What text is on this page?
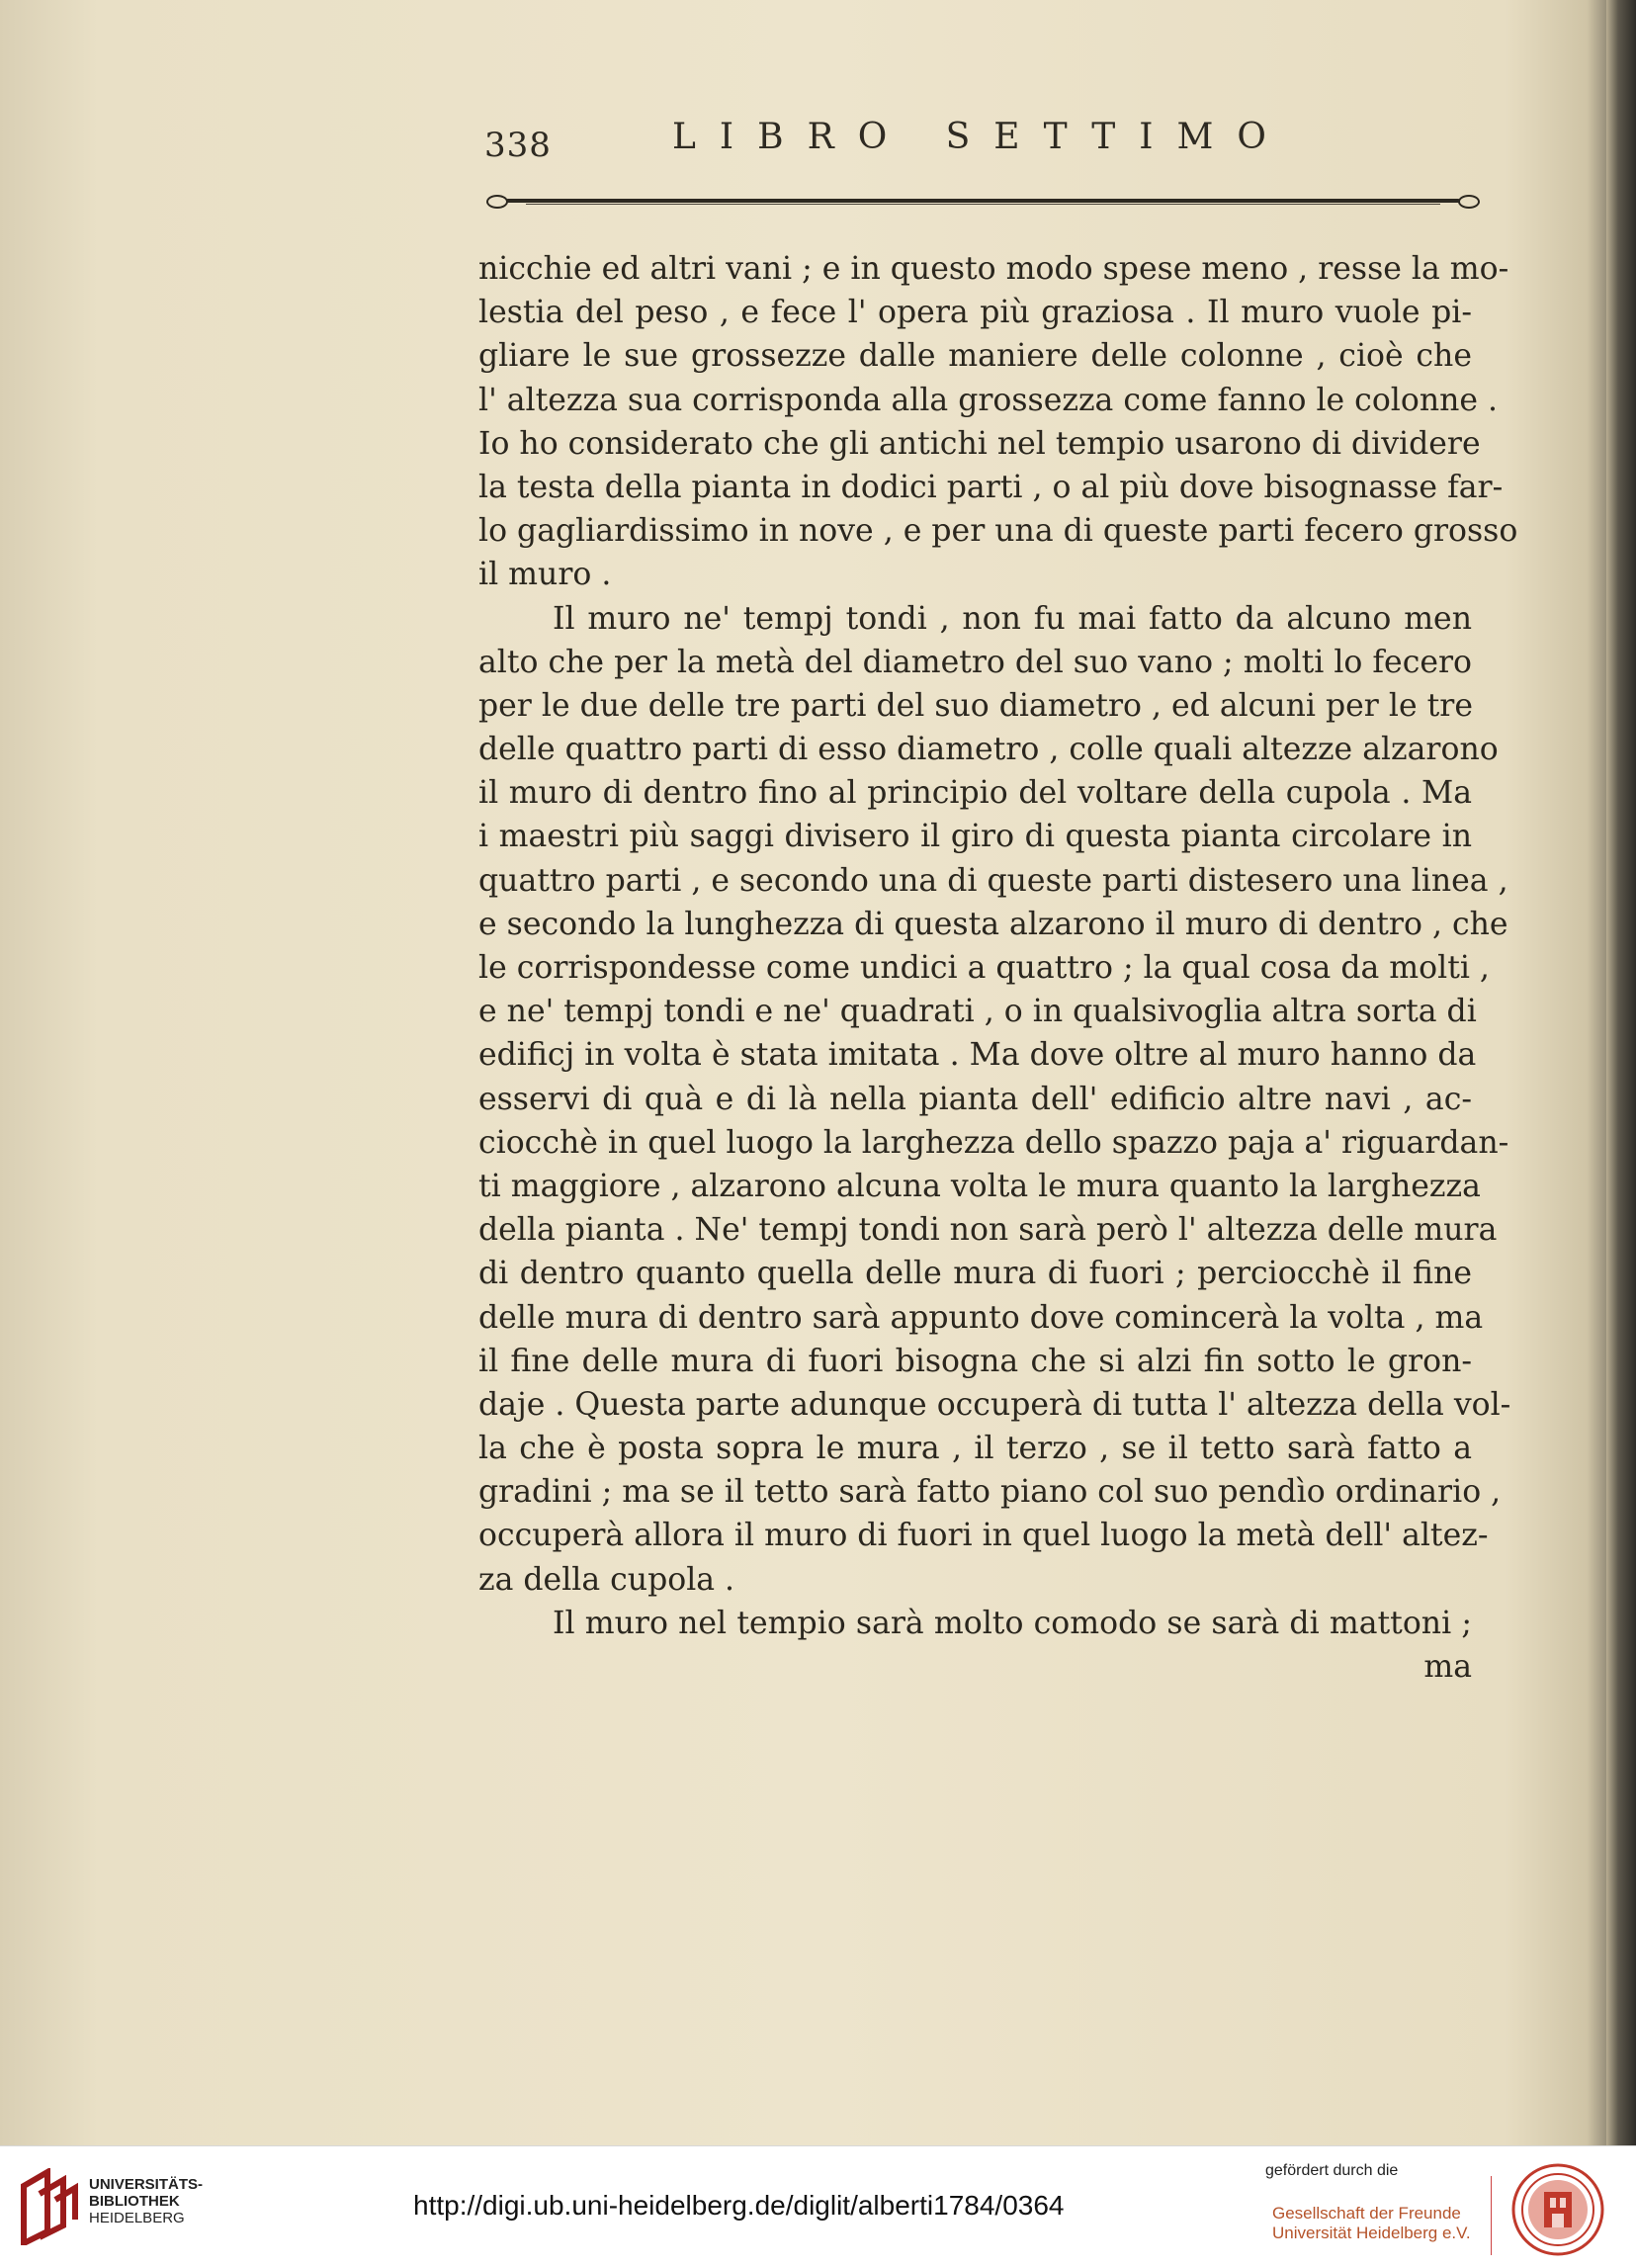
338	LIBRO SETTIMO
nicchie ed altri vani ; e in questo modo spese meno , resse la mo-
lestia del peso , e fece l' opera più graziosa . Il muro vuole pi-
gliare le sue grossezze dalle maniere delle colonne , cioè che
l' altezza sua corrisponda alla grossezza come fanno le colonne .
Io ho considerato che gli antichi nel tempio usarono di dividere
la testa della pianta in dodici parti , o al più dove bisognasse far-
lo gagliardissimo in nove , e per una di queste parti fecero grosso
il muro .
Il muro ne' tempj tondi , non fu mai fatto da alcuno men
alto che per la metà del diametro del suo vano ; molti lo fecero
per le due delle tre parti del suo diametro , ed alcuni per le tre
delle quattro parti di esso diametro , colle quali altezze alzarono
il muro di dentro fino al principio del voltare della cupola . Ma
i maestri più saggi divisero il giro di questa pianta circolare in
quattro parti , e secondo una di queste parti distesero una linea ,
e secondo la lunghezza di questa alzarono il muro di dentro , che
le corrispondesse come undici a quattro ; la qual cosa da molti ,
e ne' tempj tondi e ne' quadrati , o in qualsivoglia altra sorta di
edificj in volta è stata imitata . Ma dove oltre al muro hanno da
esservi di quà e di là nella pianta dell' edificio altre navi , ac-
ciocchè in quel luogo la larghezza dello spazzo paja a' riguardan-
ti maggiore , alzarono alcuna volta le mura quanto la larghezza
della pianta . Ne' tempj tondi non sarà però l' altezza delle mura
di dentro quanto quella delle mura di fuori ; perciocchè il fine
delle mura di dentro sarà appunto dove comincerà la volta , ma
il fine delle mura di fuori bisogna che si alzi fin sotto le gron-
daje . Questa parte adunque occuperà di tutta l' altezza della vol-
la che è posta sopra le mura , il terzo , se il tetto sarà fatto a
gradini ; ma se il tetto sarà fatto piano col suo pendìo ordinario ,
occuperà allora il muro di fuori in quel luogo la metà dell' altez-
za della cupola .
Il muro nel tempio sarà molto comodo se sarà di mattoni ;
ma
UNIVERSITÄTS-
BIBLIOTHEK
HEIDELBERG	http://digi.ub.uni-heidelberg.de/diglit/alberti1784/0364
gefördert durch die
Gesellschaft der Freunde
Universität Heidelberg e.V.
